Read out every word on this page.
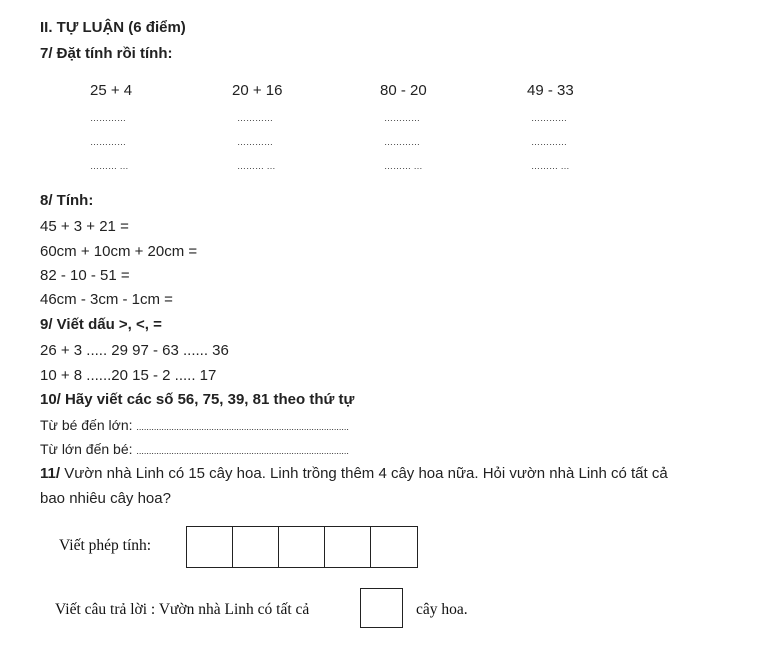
II. TỰ LUẬN (6 điểm)
7/ Đặt tính rồi tính:
25 + 4	20 + 16	80 - 20	49 - 33
…………	…………	…………	…………
…………	…………	…………	…………
……… …	……… …	……… …	……… …
8/ Tính:
45 + 3 + 21 =
60cm + 10cm + 20cm =
82 - 10 - 51 =
46cm - 3cm - 1cm =
9/ Viết dấu >, <, =
26 + 3 ..... 29 97 - 63 ...... 36
10 + 8 ......20 15 - 2 ..... 17
10/ Hãy viết các số 56, 75, 39, 81 theo thứ tự
Từ bé đến lớn: .....................................................................................
Từ lớn đến bé: .....................................................................................
11/ Vườn nhà Linh có 15 cây hoa. Linh trồng thêm 4 cây hoa nữa. Hỏi vườn nhà Linh có tất cả
bao nhiêu cây hoa?
Viết phép tính:
Viết câu trả lời : Vườn nhà Linh có tất cả	cây hoa.
